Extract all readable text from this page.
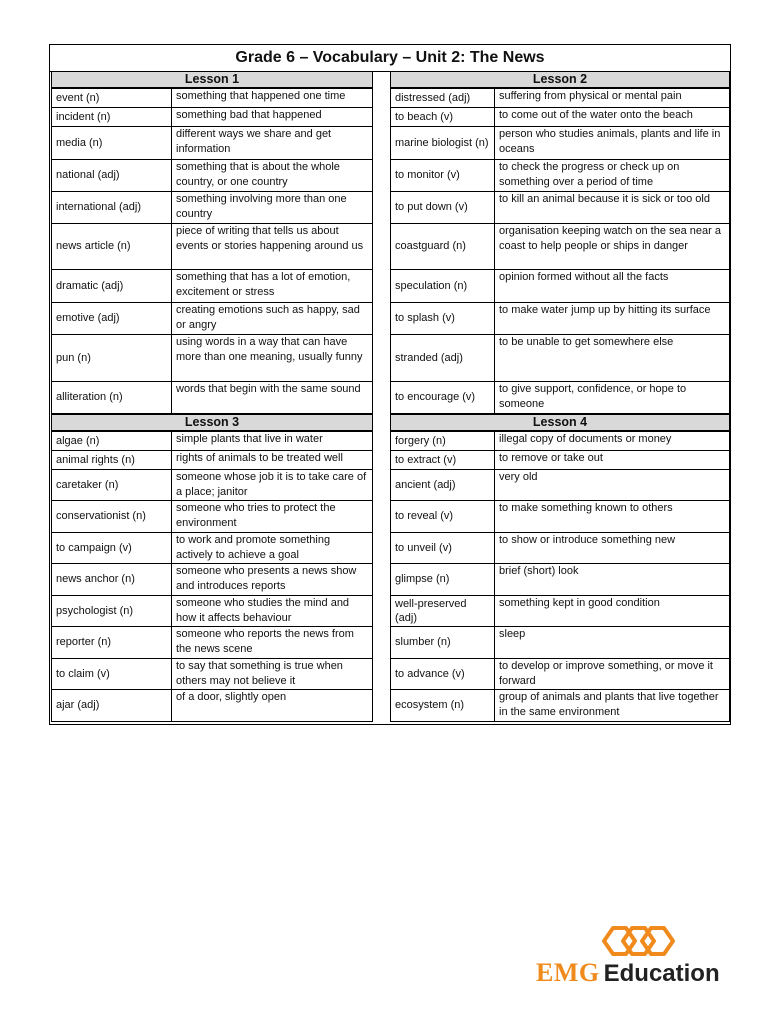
Grade 6 – Vocabulary – Unit 2: The News
Lesson 1
event (n)	something that happened one time
incident (n)	something bad that happened
media (n)	different ways we share and get information
national (adj)	something that is about the whole country, or one country
international (adj)	something involving more than one country
news article (n)	piece of writing that tells us about events or stories happening around us
dramatic (adj)	something that has a lot of emotion, excitement or stress
emotive (adj)	creating emotions such as happy, sad or angry
pun (n)	using words in a way that can have more than one meaning, usually funny
alliteration (n)	words that begin with the same sound
Lesson 3
algae (n)	simple plants that live in water
animal rights (n)	rights of animals to be treated well
caretaker (n)	someone whose job it is to take care of a place; janitor
conservationist (n)	someone who tries to protect the environment
to campaign (v)	to work and promote something actively to achieve a goal
news anchor (n)	someone who presents a news show and introduces reports
psychologist (n)	someone who studies the mind and how it affects behaviour
reporter (n)	someone who reports the news from the news scene
to claim (v)	to say that something is true when others may not believe it
ajar (adj)	of a door, slightly open
Lesson 2
distressed (adj)	suffering from physical or mental pain
to beach (v)	to come out of the water onto the beach
marine biologist (n)	person who studies animals, plants and life in oceans
to monitor (v)	to check the progress or check up on something over a period of time
to put down (v)	to kill an animal because it is sick or too old
coastguard (n)	organisation keeping watch on the sea near a coast to help people or ships in danger
speculation (n)	opinion formed without all the facts
to splash (v)	to make water jump up by hitting its surface
stranded (adj)	to be unable to get somewhere else
to encourage (v)	to give support, confidence, or hope to someone
Lesson 4
forgery (n)	illegal copy of documents or money
to extract (v)	to remove or take out
ancient (adj)	very old
to reveal (v)	to make something known to others
to unveil (v)	to show or introduce something new
glimpse (n)	brief (short) look
well-preserved (adj)	something kept in good condition
slumber (n)	sleep
to advance (v)	to develop or improve something, or move it forward
ecosystem (n)	group of animals and plants that live together in the same environment
EMG Education
